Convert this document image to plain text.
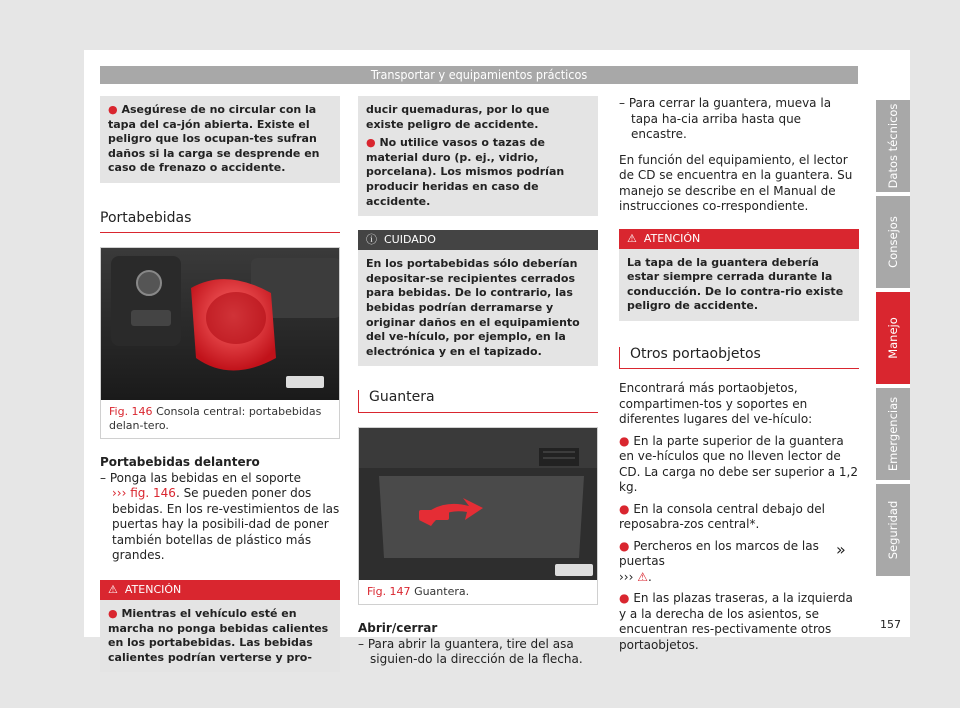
Transportar y equipamientos prácticos

● Asegúrese de no circular con la tapa del ca-jón abierta. Existe el peligro que los ocupan-tes sufran daños si la carga se desprende en caso de frenazo o accidente.

Portabebidas
Fig. 146 Consola central: portabebidas delan-tero.
Portabebidas delantero
– Ponga las bebidas en el soporte ››› fig. 146. Se pueden poner dos bebidas. En los re-vestimientos de las puertas hay la posibili-dad de poner también botellas de plástico más grandes.
⚠ ATENCIÓN

● Mientras el vehículo esté en marcha no ponga bebidas calientes en los portabebidas. Las bebidas calientes podrían verterse y pro-

ducir quemaduras, por lo que existe peligro de accidente.

● No utilice vasos o tazas de material duro (p. ej., vidrio, porcelana). Los mismos podrían producir heridas en caso de accidente.

ⓘ CUIDADO
En los portabebidas sólo deberían depositar-se recipientes cerrados para bebidas. De lo contrario, las bebidas podrían derramarse y originar daños en el equipamiento del ve-hículo, por ejemplo, en la electrónica y en el tapizado.
Guantera
Fig. 147 Guantera.
Abrir/cerrar
– Para abrir la guantera, tire del asa siguien-do la dirección de la flecha.
– Para cerrar la guantera, mueva la tapa ha-cia arriba hasta que encastre.
En función del equipamiento, el lector de CD se encuentra en la guantera. Su manejo se describe en el Manual de instrucciones co-rrespondiente.
⚠ ATENCIÓN
La tapa de la guantera debería estar siempre cerrada durante la conducción. De lo contra-rio existe peligro de accidente.
Otros portaobjetos
Encontrará más portaobjetos, compartimen-tos y soportes en diferentes lugares del ve-hículo:
● En la parte superior de la guantera en ve-hículos que no lleven lector de CD. La carga no debe ser superior a 1,2 kg.
● En la consola central debajo del reposabra-zos central*.
● Percheros en los marcos de las puertas
››› ⚠.
● En las plazas traseras, a la izquierda y a la derecha de los asientos, se encuentran res-pectivamente otros portaobjetos.
»
Datos técnicos
Consejos
Manejo
Emergencias
Seguridad
157
